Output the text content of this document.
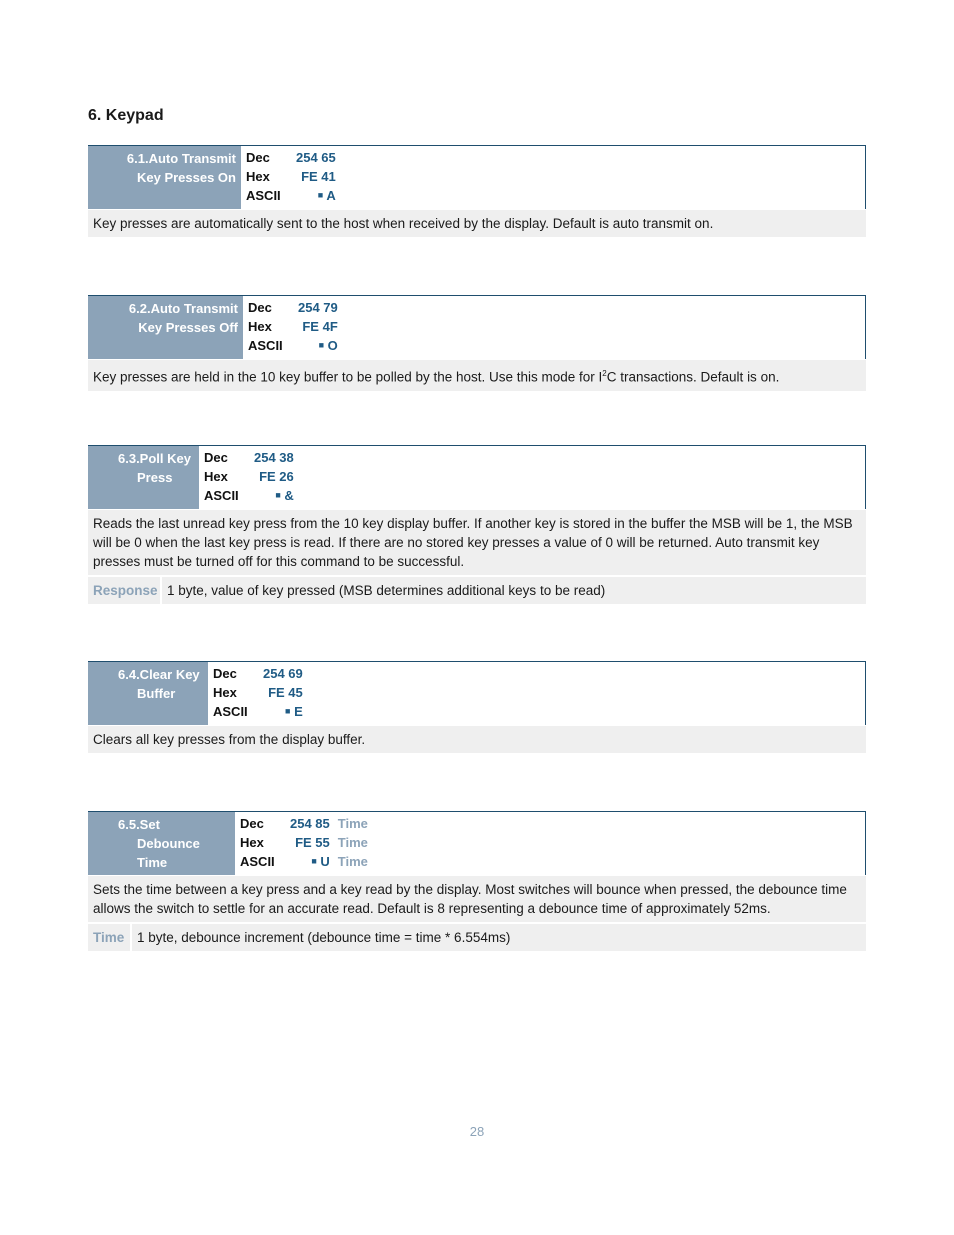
6. Keypad
6.1.Auto Transmit
Key Presses On
Dec
Hex
ASCII
254 65
FE 41
■ A
Key presses are automatically sent to the host when received by the display. Default is auto transmit on.
6.2.Auto Transmit
Key Presses Off
Dec
Hex
ASCII
254 79
FE 4F
■ O
Key presses are held in the 10 key buffer to be polled by the host. Use this mode for $I^2C$ transactions. Default is on.
6.3.Poll Key
Press
Dec
Hex
ASCII
254 38
FE 26
■ &
Reads the last unread key press from the 10 key display buffer. If another key is stored in the buffer the MSB will be 1, the MSB will be 0 when the last key press is read. If there are no stored key presses a value of 0 will be returned. Auto transmit key presses must be turned off for this command to be successful.
Response 1 byte, value of key pressed (MSB determines additional keys to be read)
6.4.Clear Key
Buffer
Dec
Hex
ASCII
254 69
FE 45
■ E
Clears all key presses from the display buffer.
6.5.Set
Debounce
Time
Dec
Hex
ASCII
254 85
FE 55
■ U
Time
Time
Time
Sets the time between a key press and a key read by the display. Most switches will bounce when pressed, the debounce time allows the switch to settle for an accurate read. Default is 8 representing a debounce time of approximately 52ms.
Time 1 byte, debounce increment (debounce time = time * 6.554ms)
28
